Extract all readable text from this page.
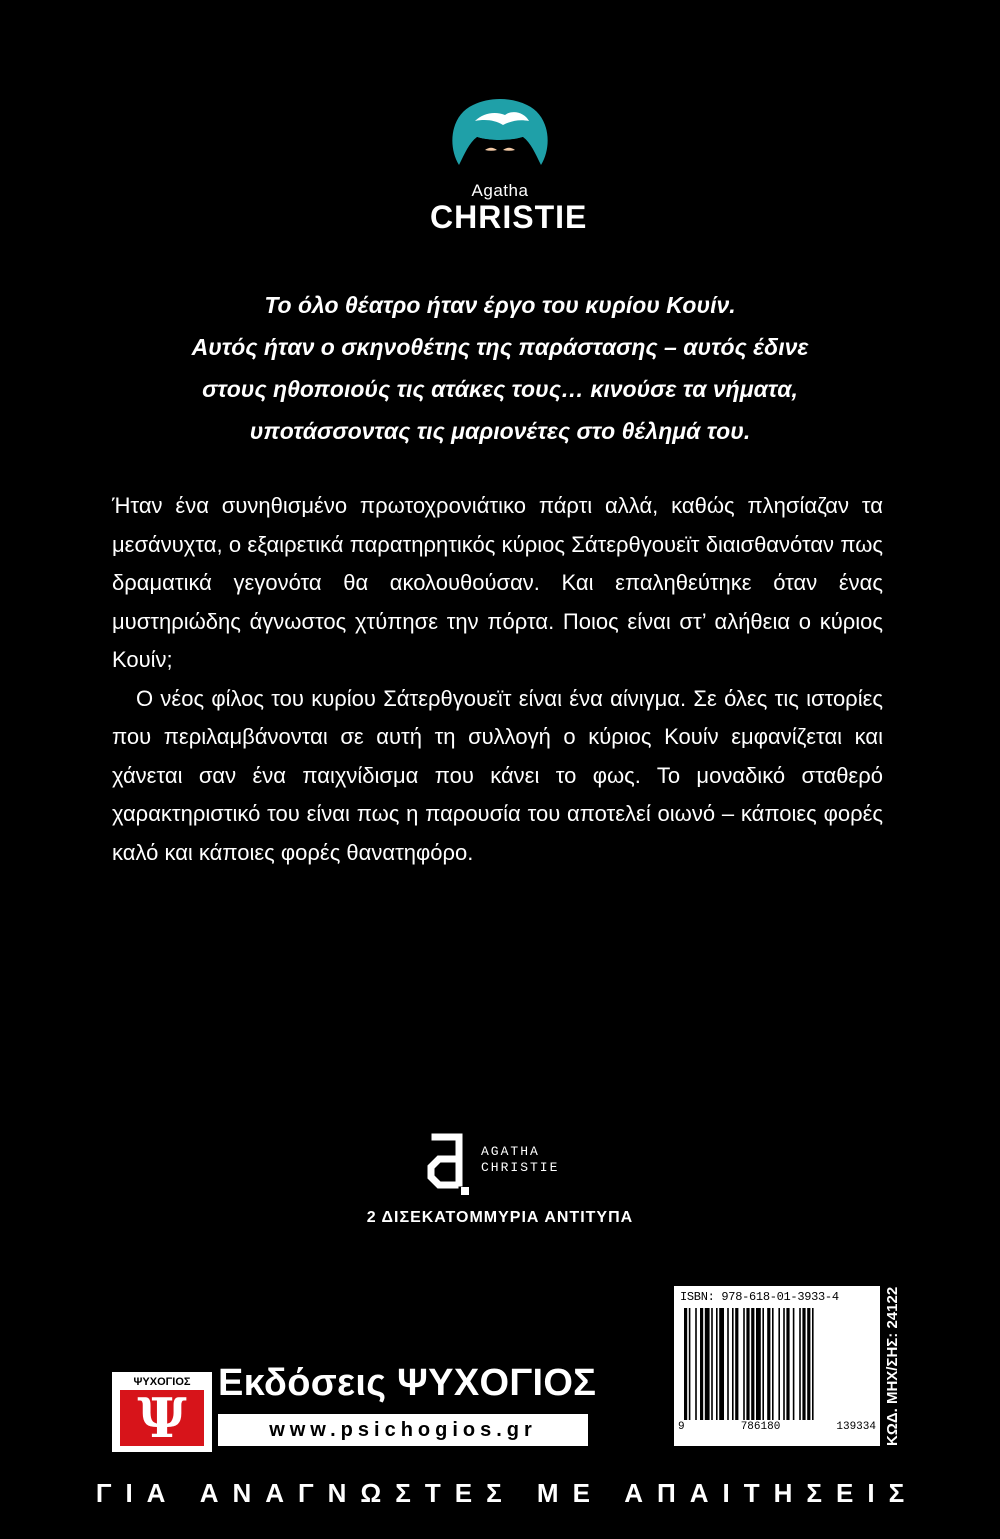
Agatha
CHRISTIE
Το όλο θέατρο ήταν έργο του κυρίου Κουίν.
Αυτός ήταν ο σκηνοθέτης της παράστασης – αυτός έδινε
στους ηθοποιούς τις ατάκες τους… κινούσε τα νήματα,
υποτάσσοντας τις μαριονέτες στο θέλημά του.

Ήταν ένα συνηθισμένο πρωτοχρονιάτικο πάρτι αλλά, καθώς πλησίαζαν τα μεσάνυχτα, ο εξαιρετικά παρατηρητικός κύριος Σάτερθγουεϊτ διαισθανόταν πως δραματικά γεγονότα θα ακολουθούσαν. Και επαληθεύτηκε όταν ένας μυστηριώδης άγνωστος χτύπησε την πόρτα. Ποιος είναι στ’ αλήθεια ο κύριος Κουίν;

Ο νέος φίλος του κυρίου Σάτερθγουεϊτ είναι ένα αίνιγμα. Σε όλες τις ιστορίες που περιλαμβάνονται σε αυτή τη συλλογή ο κύριος Κουίν εμφανίζεται και χάνεται σαν ένα παιχνίδισμα που κάνει το φως. Το μοναδικό σταθερό χαρακτηριστικό του είναι πως η παρουσία του αποτελεί οιωνό – κάποιες φορές καλό και κάποιες φορές θανατηφόρο.

AGATHA
CHRISTIE
2 ΔΙΣΕΚΑΤΟΜΜΥΡΙΑ ΑΝΤΙΤΥΠΑ
ISBN: 978-618-01-3933-4
9	786180	139334 ΚΩΔ. ΜΗΧ/ΣΗΣ: 24122
ΨΥΧΟΓΙΟΣ
Ψ
Εκδόσεις ΨΥΧΟΓΙΟΣ
www.psichogios.gr
ΓΙΑ ΑΝΑΓΝΩΣΤΕΣ ΜΕ ΑΠΑΙΤΗΣΕΙΣ
